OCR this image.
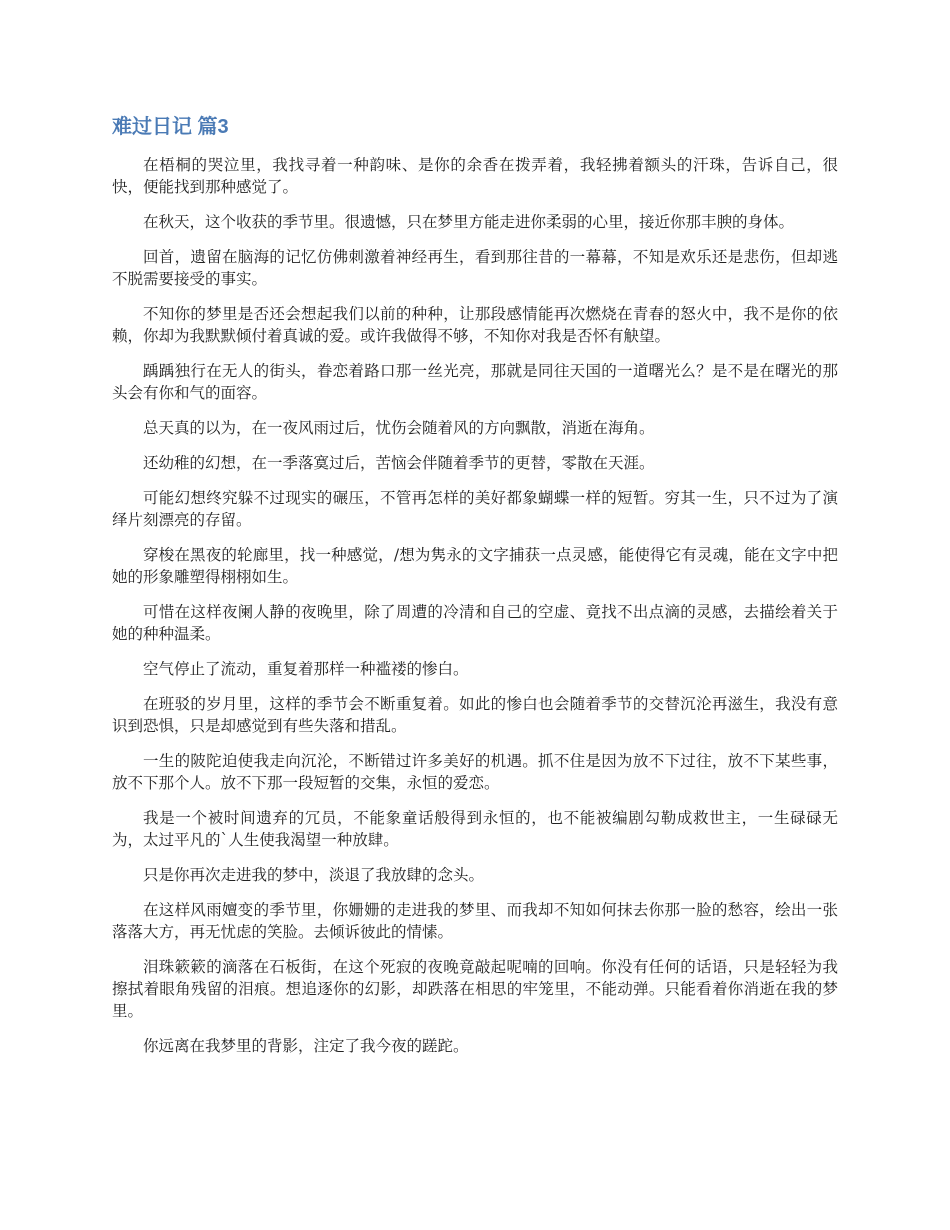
难过日记 篇3

在梧桐的哭泣里，我找寻着一种韵味、是你的余香在拨弄着，我轻拂着额头的汗珠，告诉自己，很快，便能找到那种感觉了。

在秋天，这个收获的季节里。很遗憾，只在梦里方能走进你柔弱的心里，接近你那丰腴的身体。

回首，遗留在脑海的记忆仿佛刺激着神经再生，看到那往昔的一幕幕，不知是欢乐还是悲伤，但却逃不脱需要接受的事实。

不知你的梦里是否还会想起我们以前的种种，让那段感情能再次燃烧在青春的怒火中，我不是你的依赖，你却为我默默倾付着真诚的爱。或许我做得不够，不知你对我是否怀有觖望。

踽踽独行在无人的街头，眷恋着路口那一丝光亮，那就是同往天国的一道曙光么？是不是在曙光的那头会有你和气的面容。

总天真的以为，在一夜风雨过后，忧伤会随着风的方向飘散，消逝在海角。

还幼稚的幻想，在一季落寞过后，苦恼会伴随着季节的更替，零散在天涯。

可能幻想终究躲不过现实的碾压，不管再怎样的美好都象蝴蝶一样的短暂。穷其一生，只不过为了演绎片刻漂亮的存留。

穿梭在黑夜的轮廊里，找一种感觉，/想为隽永的文字捕获一点灵感，能使得它有灵魂，能在文字中把她的形象雕塑得栩栩如生。

可惜在这样夜阑人静的夜晚里，除了周遭的冷清和自己的空虚、竟找不出点滴的灵感，去描绘着关于她的种种温柔。

空气停止了流动，重复着那样一种褴褛的惨白。

在班驳的岁月里，这样的季节会不断重复着。如此的惨白也会随着季节的交替沉沦再滋生，我没有意识到恐惧，只是却感觉到有些失落和措乱。

一生的陂陀迫使我走向沉沦，不断错过许多美好的机遇。抓不住是因为放不下过往，放不下某些事，放不下那个人。放不下那一段短暂的交集，永恒的爱恋。

我是一个被时间遗弃的冗员，不能象童话般得到永恒的，也不能被编剧勾勒成救世主，一生碌碌无为，太过平凡的`人生使我渴望一种放肆。

只是你再次走进我的梦中，淡退了我放肆的念头。

在这样风雨嬗变的季节里，你姗姗的走进我的梦里、而我却不知如何抹去你那一脸的愁容，绘出一张落落大方，再无忧虑的笑脸。去倾诉彼此的情愫。

泪珠簌簌的滴落在石板街，在这个死寂的夜晚竟敲起呢喃的回响。你没有任何的话语，只是轻轻为我擦拭着眼角残留的泪痕。想追逐你的幻影，却跌落在相思的牢笼里，不能动弹。只能看着你消逝在我的梦里。

你远离在我梦里的背影，注定了我今夜的蹉跎。
